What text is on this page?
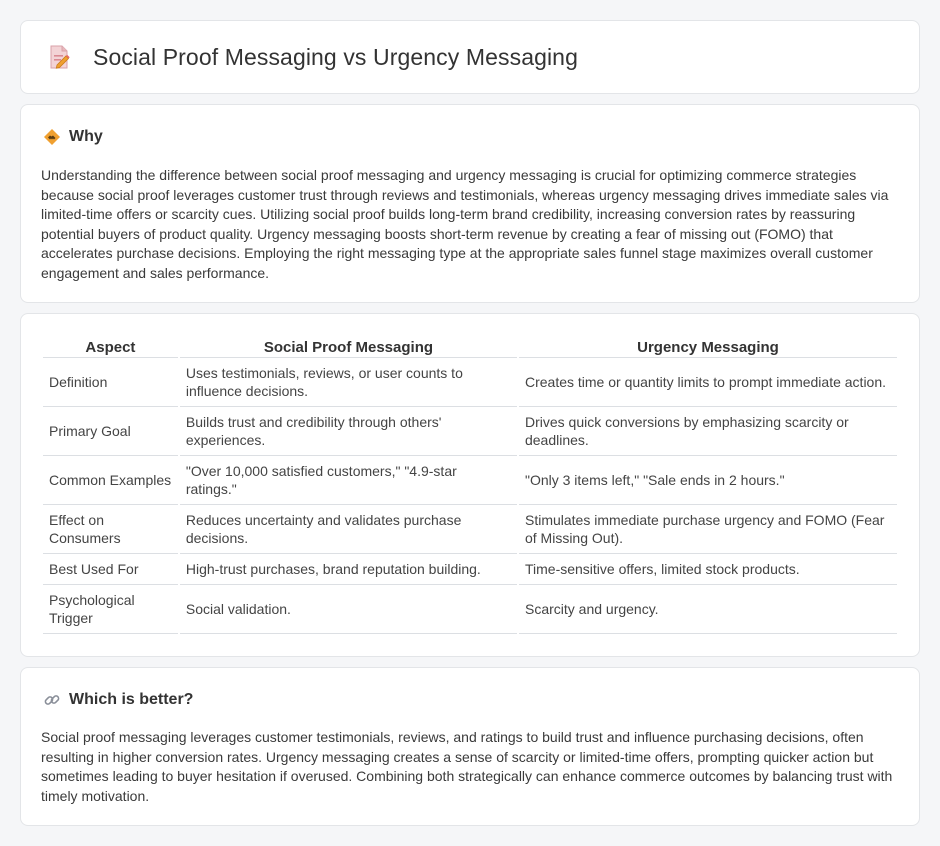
Social Proof Messaging vs Urgency Messaging
Why

Understanding the difference between social proof messaging and urgency messaging is crucial for optimizing commerce strategies because social proof leverages customer trust through reviews and testimonials, whereas urgency messaging drives immediate sales via limited-time offers or scarcity cues. Utilizing social proof builds long-term brand credibility, increasing conversion rates by reassuring potential buyers of product quality. Urgency messaging boosts short-term revenue by creating a fear of missing out (FOMO) that accelerates purchase decisions. Employing the right messaging type at the appropriate sales funnel stage maximizes overall customer engagement and sales performance.

Aspect	Social Proof Messaging	Urgency Messaging
Definition	Uses testimonials, reviews, or user counts to influence decisions.	Creates time or quantity limits to prompt immediate action.
Primary Goal	Builds trust and credibility through others' experiences.	Drives quick conversions by emphasizing scarcity or deadlines.
Common Examples	"Over 10,000 satisfied customers," "4.9-star ratings."	"Only 3 items left," "Sale ends in 2 hours."
Effect on Consumers	Reduces uncertainty and validates purchase decisions.	Stimulates immediate purchase urgency and FOMO (Fear of Missing Out).
Best Used For	High-trust purchases, brand reputation building.	Time-sensitive offers, limited stock products.
Psychological Trigger	Social validation.	Scarcity and urgency.
Which is better?

Social proof messaging leverages customer testimonials, reviews, and ratings to build trust and influence purchasing decisions, often resulting in higher conversion rates. Urgency messaging creates a sense of scarcity or limited-time offers, prompting quicker action but sometimes leading to buyer hesitation if overused. Combining both strategically can enhance commerce outcomes by balancing trust with timely motivation.
